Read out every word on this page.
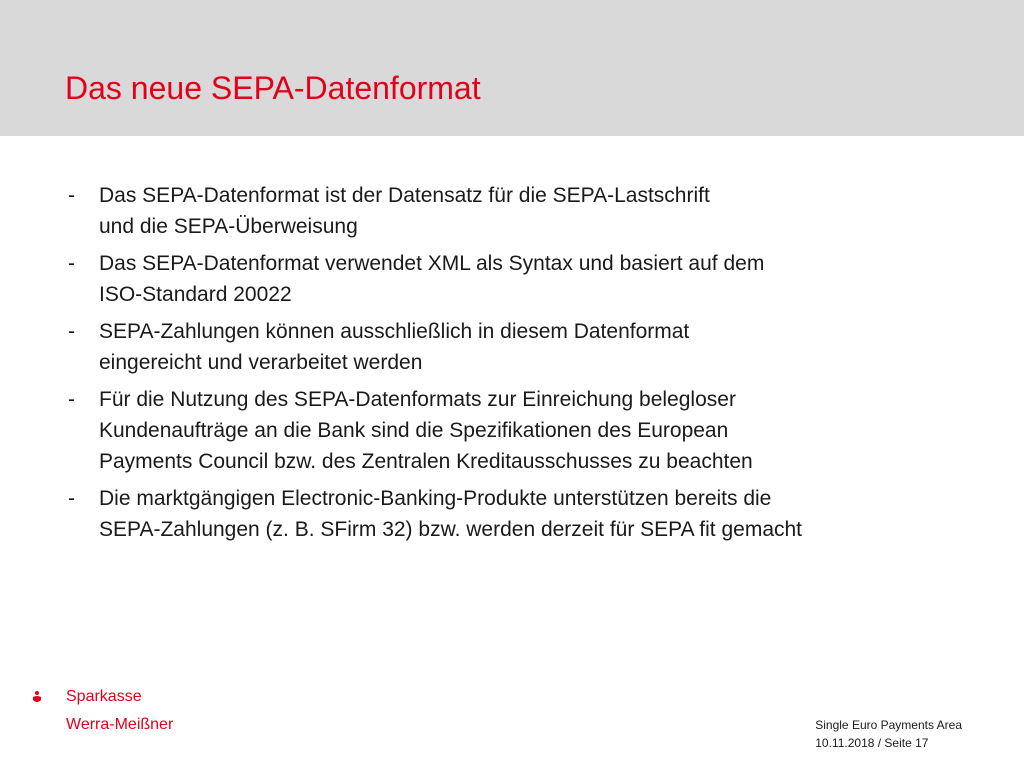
Das neue SEPA-Datenformat
-	Das SEPA-Datenformat ist der Datensatz für die SEPA-Lastschrift
und die SEPA-Überweisung
-	Das SEPA-Datenformat verwendet XML als Syntax und basiert auf dem
ISO-Standard 20022
-	SEPA-Zahlungen können ausschließlich in diesem Datenformat
eingereicht und verarbeitet werden
-	Für die Nutzung des SEPA-Datenformats zur Einreichung belegloser
Kundenaufträge an die Bank sind die Spezifikationen des European
Payments Council bzw. des Zentralen Kreditausschusses zu beachten
-	Die marktgängigen Electronic-Banking-Produkte unterstützen bereits die
SEPA-Zahlungen (z. B. SFirm 32) bzw. werden derzeit für SEPA fit gemacht
Sparkasse
Werra-Meißner	Single Euro Payments Area
10.11.2018 / Seite 17
